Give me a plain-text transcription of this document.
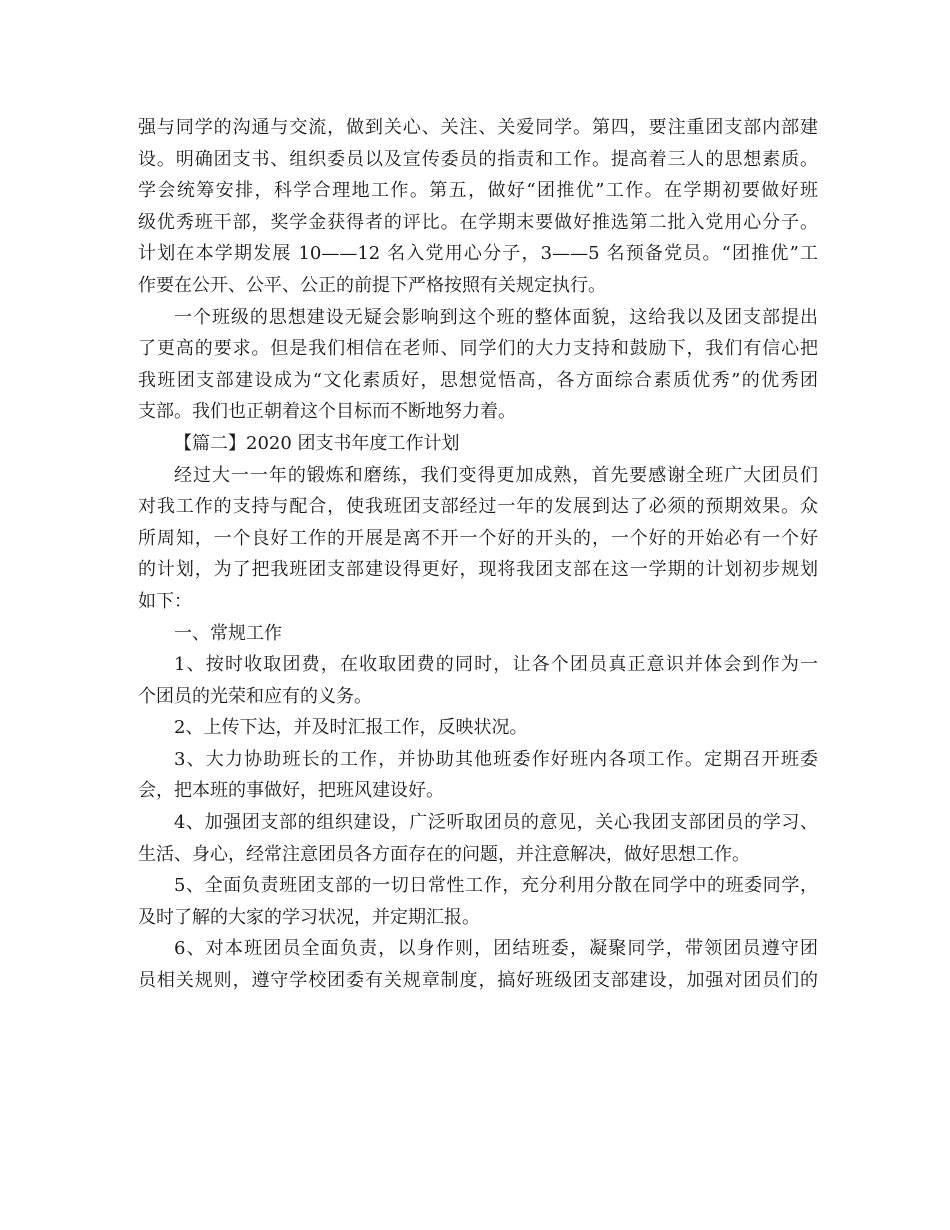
强与同学的沟通与交流，做到关心、关注、关爱同学。第四，要注重团支部内部建
设。明确团支书、组织委员以及宣传委员的指责和工作。提高着三人的思想素质。
学会统筹安排，科学合理地工作。第五，做好“团推优”工作。在学期初要做好班
级优秀班干部，奖学金获得者的评比。在学期末要做好推选第二批入党用心分子。
计划在本学期发展 10——12 名入党用心分子，3——5 名预备党员。“团推优”工
作要在公开、公平、公正的前提下严格按照有关规定执行。
一个班级的思想建设无疑会影响到这个班的整体面貌，这给我以及团支部提出
了更高的要求。但是我们相信在老师、同学们的大力支持和鼓励下，我们有信心把
我班团支部建设成为“文化素质好，思想觉悟高，各方面综合素质优秀”的优秀团
支部。我们也正朝着这个目标而不断地努力着。
【篇二】2020 团支书年度工作计划
经过大一一年的锻炼和磨练，我们变得更加成熟，首先要感谢全班广大团员们
对我工作的支持与配合，使我班团支部经过一年的发展到达了必须的预期效果。众
所周知，一个良好工作的开展是离不开一个好的开头的，一个好的开始必有一个好
的计划，为了把我班团支部建设得更好，现将我团支部在这一学期的计划初步规划
如下：
一、常规工作
1、按时收取团费，在收取团费的同时，让各个团员真正意识并体会到作为一
个团员的光荣和应有的义务。
2、上传下达，并及时汇报工作，反映状况。
3、大力协助班长的工作，并协助其他班委作好班内各项工作。定期召开班委
会，把本班的事做好，把班风建设好。
4、加强团支部的组织建设，广泛听取团员的意见，关心我团支部团员的学习、
生活、身心，经常注意团员各方面存在的问题，并注意解决，做好思想工作。
5、全面负责班团支部的一切日常性工作，充分利用分散在同学中的班委同学，
及时了解的大家的学习状况，并定期汇报。
6、对本班团员全面负责，以身作则，团结班委，凝聚同学，带领团员遵守团
员相关规则，遵守学校团委有关规章制度，搞好班级团支部建设，加强对团员们的
